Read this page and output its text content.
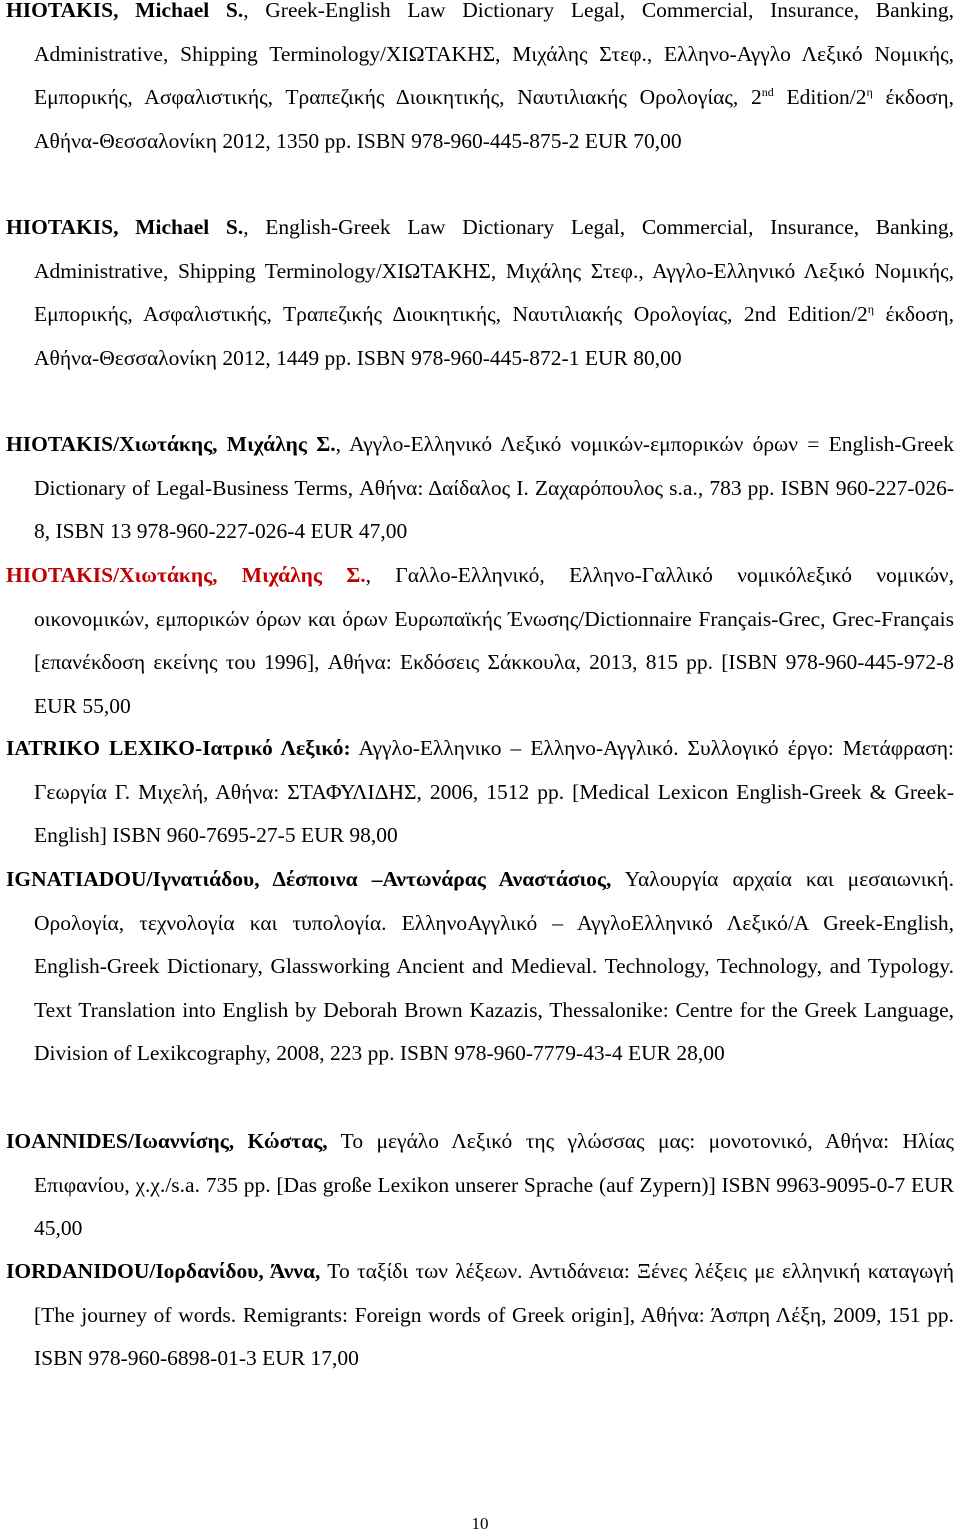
HIOTAKIS, Michael S., Greek-English Law Dictionary Legal, Commercial, Insurance, Banking, Administrative, Shipping Terminology/ΧΙΩΤΑΚΗΣ, Μιχάλης Στεφ., Ελληνο-Αγγλο Λεξικό Νομικής, Εμπορικής, Ασφαλιστικής, Τραπεζικής Διοικητικής, Ναυτιλιακής Ορολογίας, 2nd Edition/$2^\eta$ έκδοση, Αθήνα-Θεσσαλονίκη 2012, 1350 pp. ISBN 978-960-445-875-2 EUR 70,00

HIOTAKIS, Michael S., English-Greek Law Dictionary Legal, Commercial, Insurance, Banking, Administrative, Shipping Terminology/ΧΙΩΤΑΚΗΣ, Μιχάλης Στεφ., Αγγλο-Ελληνικό Λεξικό Νομικής, Εμπορικής, Ασφαλιστικής, Τραπεζικής Διοικητικής, Ναυτιλιακής Ορολογίας, 2nd Edition/$2^\eta$ έκδοση, Αθήνα-Θεσσαλονίκη 2012, 1449 pp. ISBN 978-960-445-872-1 EUR 80,00

HIOTAKIS/Χιωτάκης, Μιχάλης Σ., Αγγλο-Ελληνικό Λεξικό νομικών-εμπορικών όρων = English-Greek Dictionary of Legal-Business Terms, Αθήνα: Δαίδαλος Ι. Ζαχαρόπουλος s.a., 783 pp. ISBN 960-227-026-8, ISBN 13 978-960-227-026-4 EUR 47,00

HIOTAKIS/Χιωτάκης, Μιχάλης Σ., Γαλλο-Ελληνικό, Ελληνο-Γαλλικό νομικόλεξικό νομικών, οικονομικών, εμπορικών όρων και όρων Ευρωπαϊκής Ένωσης/Dictionnaire Français-Grec, Grec-Français [επανέκδοση εκείνης του 1996], Αθήνα: Εκδόσεις Σάκκουλα, 2013, 815 pp. [ISBN 978-960-445-972-8 EUR 55,00

IATRIKO LEXIKO-Ιατρικό Λεξικό: Αγγλο-Ελληνικο – Ελληνο-Αγγλικό. Συλλογικό έργο: Μετάφραση: Γεωργία Γ. Μιχελή, Αθήνα: ΣΤΑΦΥΛΙΔΗΣ, 2006, 1512 pp. [Medical Lexicon English-Greek & Greek-English] ISBN 960-7695-27-5 EUR 98,00

IGNATIADOU/Ιγνατιάδου, Δέσποινα –Αντωνάρας Αναστάσιος, Υαλουργία αρχαία και μεσαιωνική. Ορολογία, τεχνολογία και τυπολογία. ΕλληνοΑγγλικό – ΑγγλοΕλληνικό Λεξικό/A Greek-English, English-Greek Dictionary, Glassworking Ancient and Medieval. Technology, Technology, and Typology. Text Translation into English by Deborah Brown Kazazis, Thessalonike: Centre for the Greek Language, Division of Lexikcography, 2008, 223 pp. ISBN 978-960-7779-43-4 EUR 28,00

IOANNIDES/Ιωαννίσης, Κώστας, Το μεγάλο Λεξικό της γλώσσας μας: μονοτονικό, Αθήνα: Ηλίας Επιφανίου, χ.χ./s.a. 735 pp. [Das große Lexikon unserer Sprache (auf Zypern)] ISBN 9963-9095-0-7 EUR 45,00

IORDANIDOU/Ιορδανίδου, Άννα, Το ταξίδι των λέξεων. Αντιδάνεια: Ξένες λέξεις με ελληνική καταγωγή [The journey of words. Remigrants: Foreign words of Greek origin], Αθήνα: Άσπρη Λέξη, 2009, 151 pp. ISBN 978-960-6898-01-3 EUR 17,00

10
